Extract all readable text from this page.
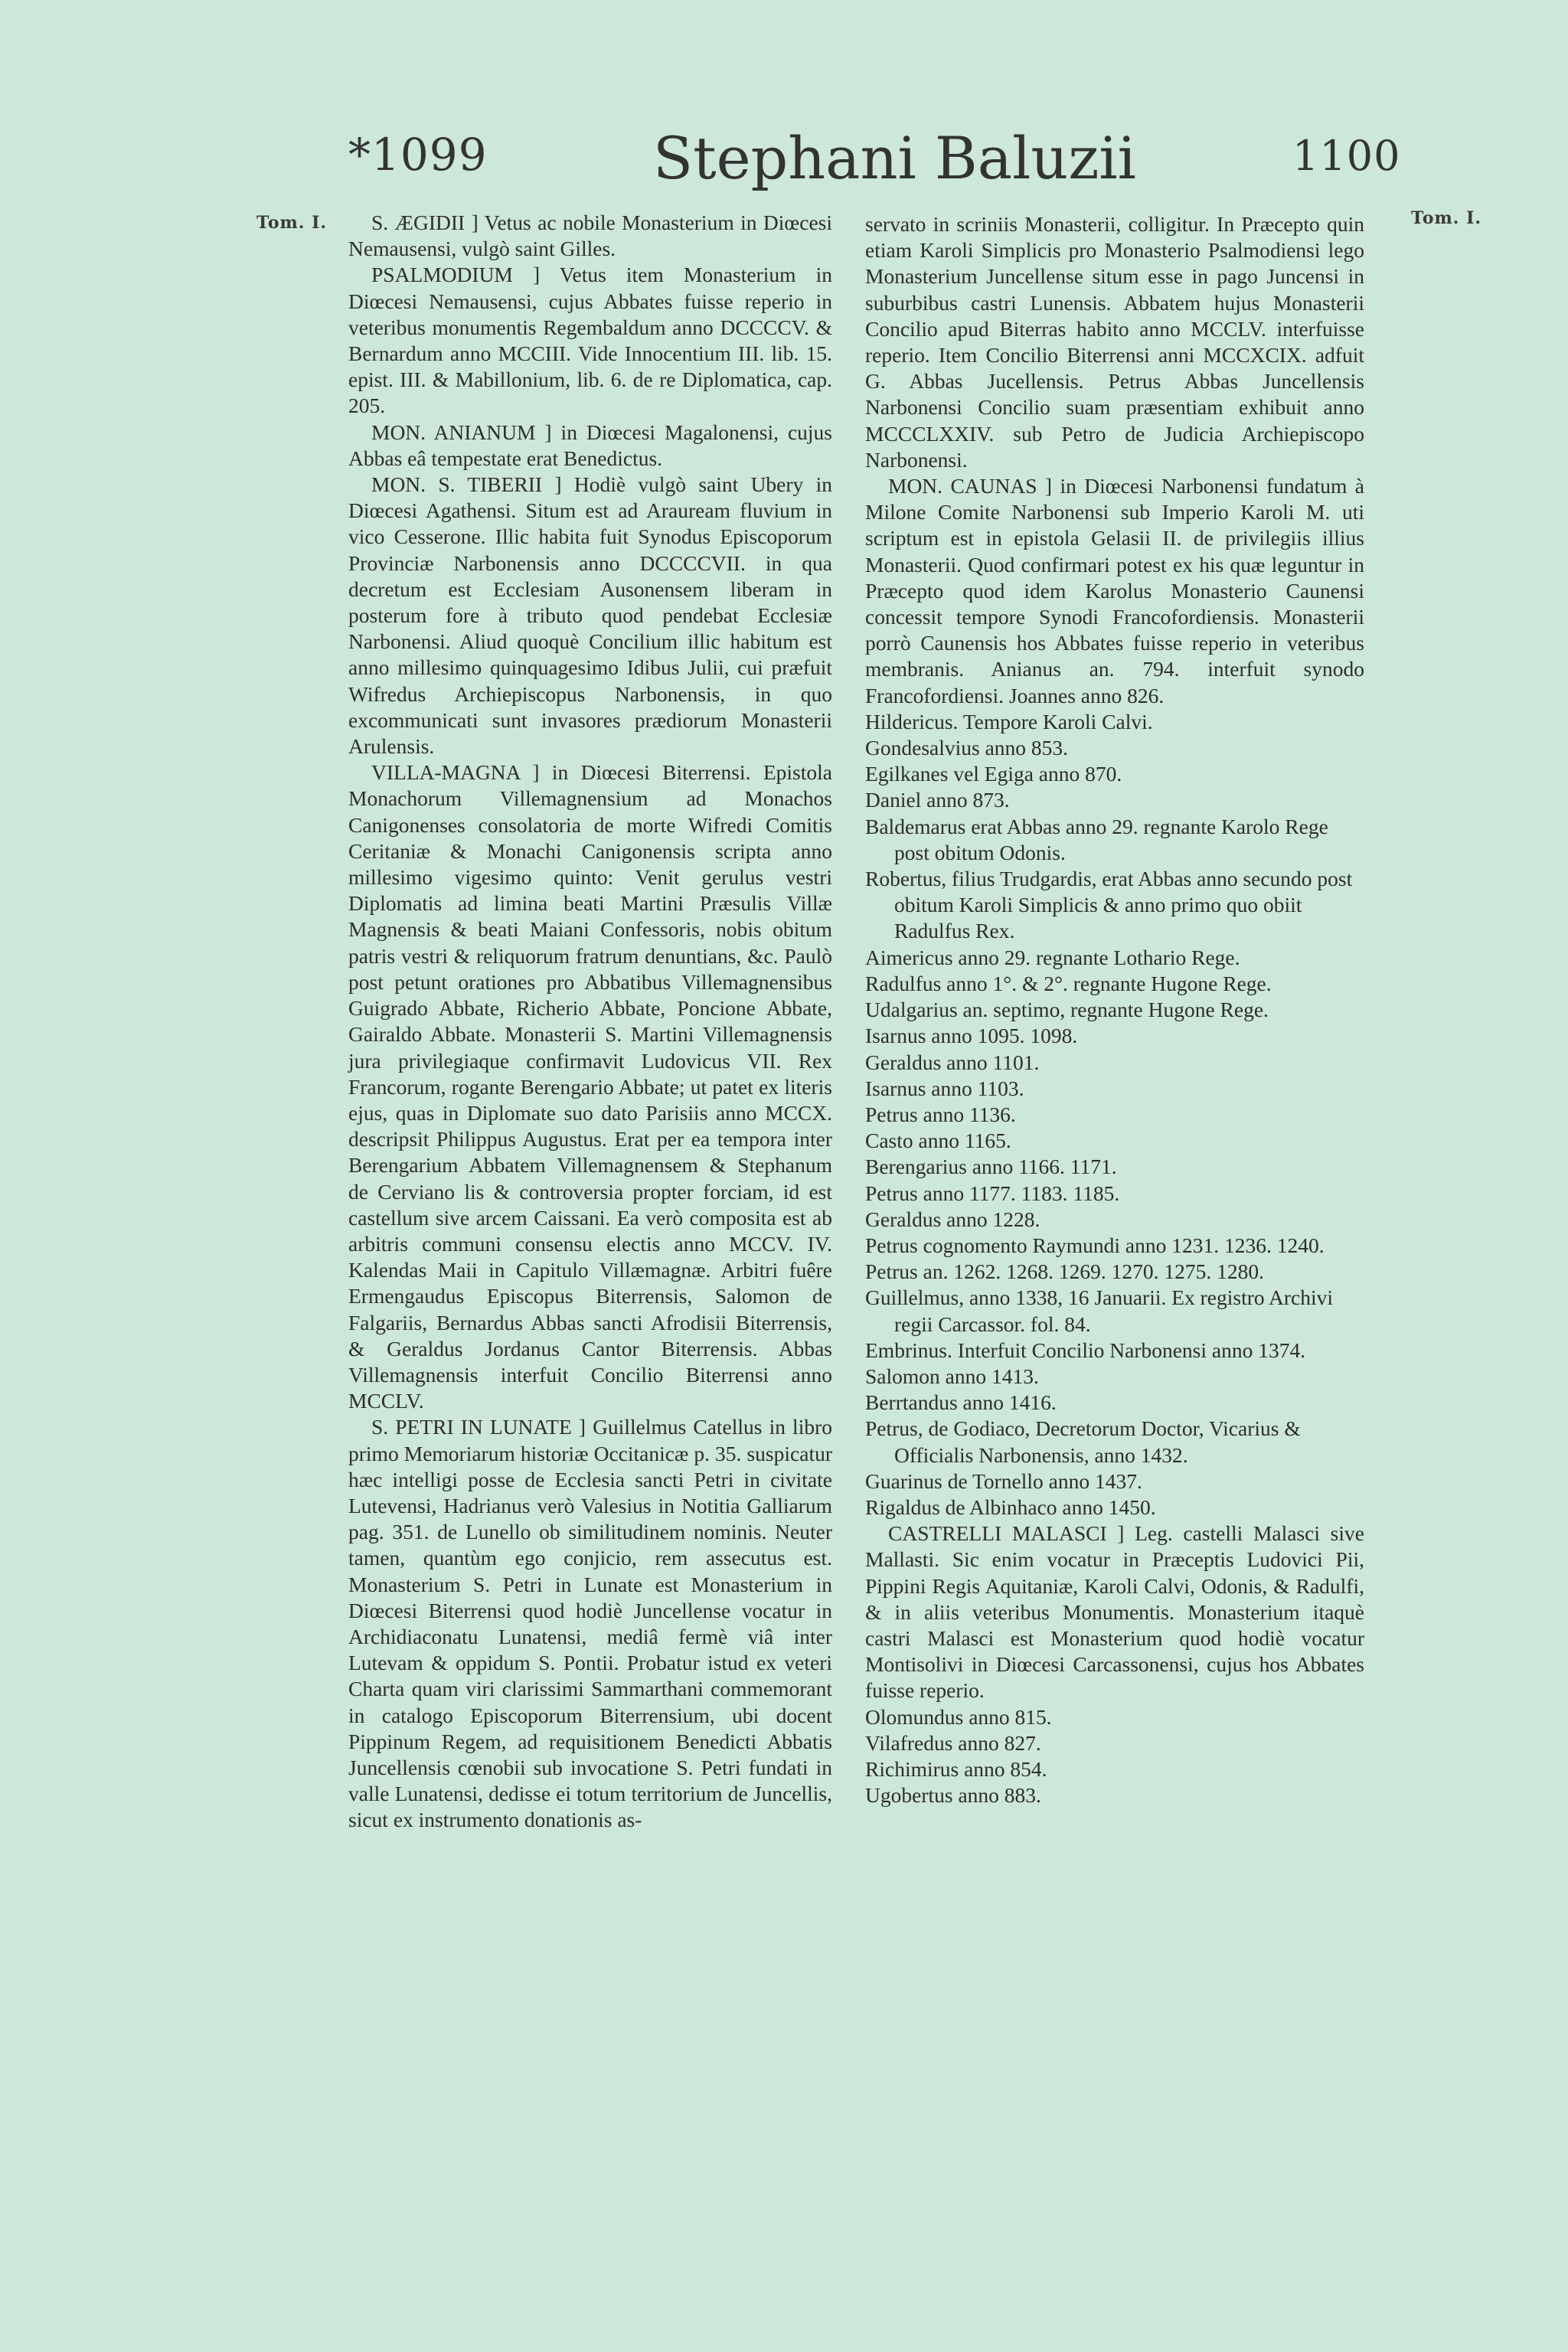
*1099	Stephani Baluzii	1100
Tom. I.	Tom. I.

S. ÆGIDII ] Vetus ac nobile Monasterium in Diœcesi Nemausensi, vulgò saint Gilles.

PSALMODIUM ] Vetus item Monasterium in Diœcesi Nemausensi, cujus Abbates fuisse reperio in veteribus monumentis Regembaldum anno DCCCCV. & Bernardum anno MCCIII. Vide Innocentium III. lib. 15. epist. III. & Mabillonium, lib. 6. de re Diplomatica, cap. 205.

MON. ANIANUM ] in Diœcesi Magalonensi, cujus Abbas eâ tempestate erat Benedictus.

MON. S. TIBERII ] Hodiè vulgò saint Ubery in Diœcesi Agathensi. Situm est ad Arauream fluvium in vico Cesserone. Illic habita fuit Synodus Episcoporum Provinciæ Narbonensis anno DCCCCVII. in qua decretum est Ecclesiam Ausonensem liberam in posterum fore à tributo quod pendebat Ecclesiæ Narbonensi. Aliud quoquè Concilium illic habitum est anno millesimo quinquagesimo Idibus Julii, cui præfuit Wifredus Archiepiscopus Narbonensis, in quo excommunicati sunt invasores prædiorum Monasterii Arulensis.

VILLA-MAGNA ] in Diœcesi Biterrensi. Epistola Monachorum Villemagnensium ad Monachos Canigonenses consolatoria de morte Wifredi Comitis Ceritaniæ & Monachi Canigonensis scripta anno millesimo vigesimo quinto: Venit gerulus vestri Diplomatis ad limina beati Martini Præsulis Villæ Magnensis & beati Maiani Confessoris, nobis obitum patris vestri & reliquorum fratrum denuntians, &c. Paulò post petunt orationes pro Abbatibus Villemagnensibus Guigrado Abbate, Richerio Abbate, Poncione Abbate, Gairaldo Abbate. Monasterii S. Martini Villemagnensis jura privilegiaque confirmavit Ludovicus VII. Rex Francorum, rogante Berengario Abbate; ut patet ex literis ejus, quas in Diplomate suo dato Parisiis anno MCCX. descripsit Philippus Augustus. Erat per ea tempora inter Berengarium Abbatem Villemagnensem & Stephanum de Cerviano lis & controversia propter forciam, id est castellum sive arcem Caissani. Ea verò composita est ab arbitris communi consensu electis anno MCCV. IV. Kalendas Maii in Capitulo Villæmagnæ. Arbitri fuêre Ermengaudus Episcopus Biterrensis, Salomon de Falgariis, Bernardus Abbas sancti Afrodisii Biterrensis, & Geraldus Jordanus Cantor Biterrensis. Abbas Villemagnensis interfuit Concilio Biterrensi anno MCCLV.

S. PETRI IN LUNATE ] Guillelmus Catellus in libro primo Memoriarum historiæ Occitanicæ p. 35. suspicatur hæc intelligi posse de Ecclesia sancti Petri in civitate Lutevensi, Hadrianus verò Valesius in Notitia Galliarum pag. 351. de Lunello ob similitudinem nominis. Neuter tamen, quantùm ego conjicio, rem assecutus est. Monasterium S. Petri in Lunate est Monasterium in Diœcesi Biterrensi quod hodiè Juncellense vocatur in Archidiaconatu Lunatensi, mediâ fermè viâ inter Lutevam & oppidum S. Pontii. Probatur istud ex veteri Charta quam viri clarissimi Sammarthani commemorant in catalogo Episcoporum Biterrensium, ubi docent Pippinum Regem, ad requisitionem Benedicti Abbatis Juncellensis cœnobii sub invocatione S. Petri fundati in valle Lunatensi, dedisse ei totum territorium de Juncellis, sicut ex instrumento donationis as-

servato in scriniis Monasterii, colligitur. In Præcepto quin etiam Karoli Simplicis pro Monasterio Psalmodiensi lego Monasterium Juncellense situm esse in pago Juncensi in suburbibus castri Lunensis. Abbatem hujus Monasterii Concilio apud Biterras habito anno MCCLV. interfuisse reperio. Item Concilio Biterrensi anni MCCXCIX. adfuit G. Abbas Jucellensis. Petrus Abbas Juncellensis Narbonensi Concilio suam præsentiam exhibuit anno MCCCLXXIV. sub Petro de Judicia Archiepiscopo Narbonensi.

MON. CAUNAS ] in Diœcesi Narbonensi fundatum à Milone Comite Narbonensi sub Imperio Karoli M. uti scriptum est in epistola Gelasii II. de privilegiis illius Monasterii. Quod confirmari potest ex his quæ leguntur in Præcepto quod idem Karolus Monasterio Caunensi concessit tempore Synodi Francofordiensis. Monasterii porrò Caunensis hos Abbates fuisse reperio in veteribus membranis. Anianus an. 794. interfuit synodo Francofordiensi. Joannes anno 826.

Hildericus. Tempore Karoli Calvi.

Gondesalvius anno 853.

Egilkanes vel Egiga anno 870.

Daniel anno 873.

Baldemarus erat Abbas anno 29. regnante Karolo Rege post obitum Odonis.

Robertus, filius Trudgardis, erat Abbas anno secundo post obitum Karoli Simplicis & anno primo quo obiit Radulfus Rex.

Aimericus anno 29. regnante Lothario Rege.

Radulfus anno 1°. & 2°. regnante Hugone Rege.

Udalgarius an. septimo, regnante Hugone Rege.

Isarnus anno 1095. 1098.

Geraldus anno 1101.

Isarnus anno 1103.

Petrus anno 1136.

Casto anno 1165.

Berengarius anno 1166. 1171.

Petrus anno 1177. 1183. 1185.

Geraldus anno 1228.

Petrus cognomento Raymundi anno 1231. 1236. 1240.

Petrus an. 1262. 1268. 1269. 1270. 1275. 1280.

Guillelmus, anno 1338, 16 Januarii. Ex registro Archivi regii Carcassor. fol. 84.

Embrinus. Interfuit Concilio Narbonensi anno 1374.

Salomon anno 1413.

Berrtandus anno 1416.

Petrus, de Godiaco, Decretorum Doctor, Vicarius & Officialis Narbonensis, anno 1432.

Guarinus de Tornello anno 1437.

Rigaldus de Albinhaco anno 1450.

CASTRELLI MALASCI ] Leg. castelli Malasci sive Mallasti. Sic enim vocatur in Præceptis Ludovici Pii, Pippini Regis Aquitaniæ, Karoli Calvi, Odonis, & Radulfi, & in aliis veteribus Monumentis. Monasterium itaquè castri Malasci est Monasterium quod hodiè vocatur Montisolivi in Diœcesi Carcassonensi, cujus hos Abbates fuisse reperio.

Olomundus anno 815.

Vilafredus anno 827.

Richimirus anno 854.

Ugobertus anno 883.
